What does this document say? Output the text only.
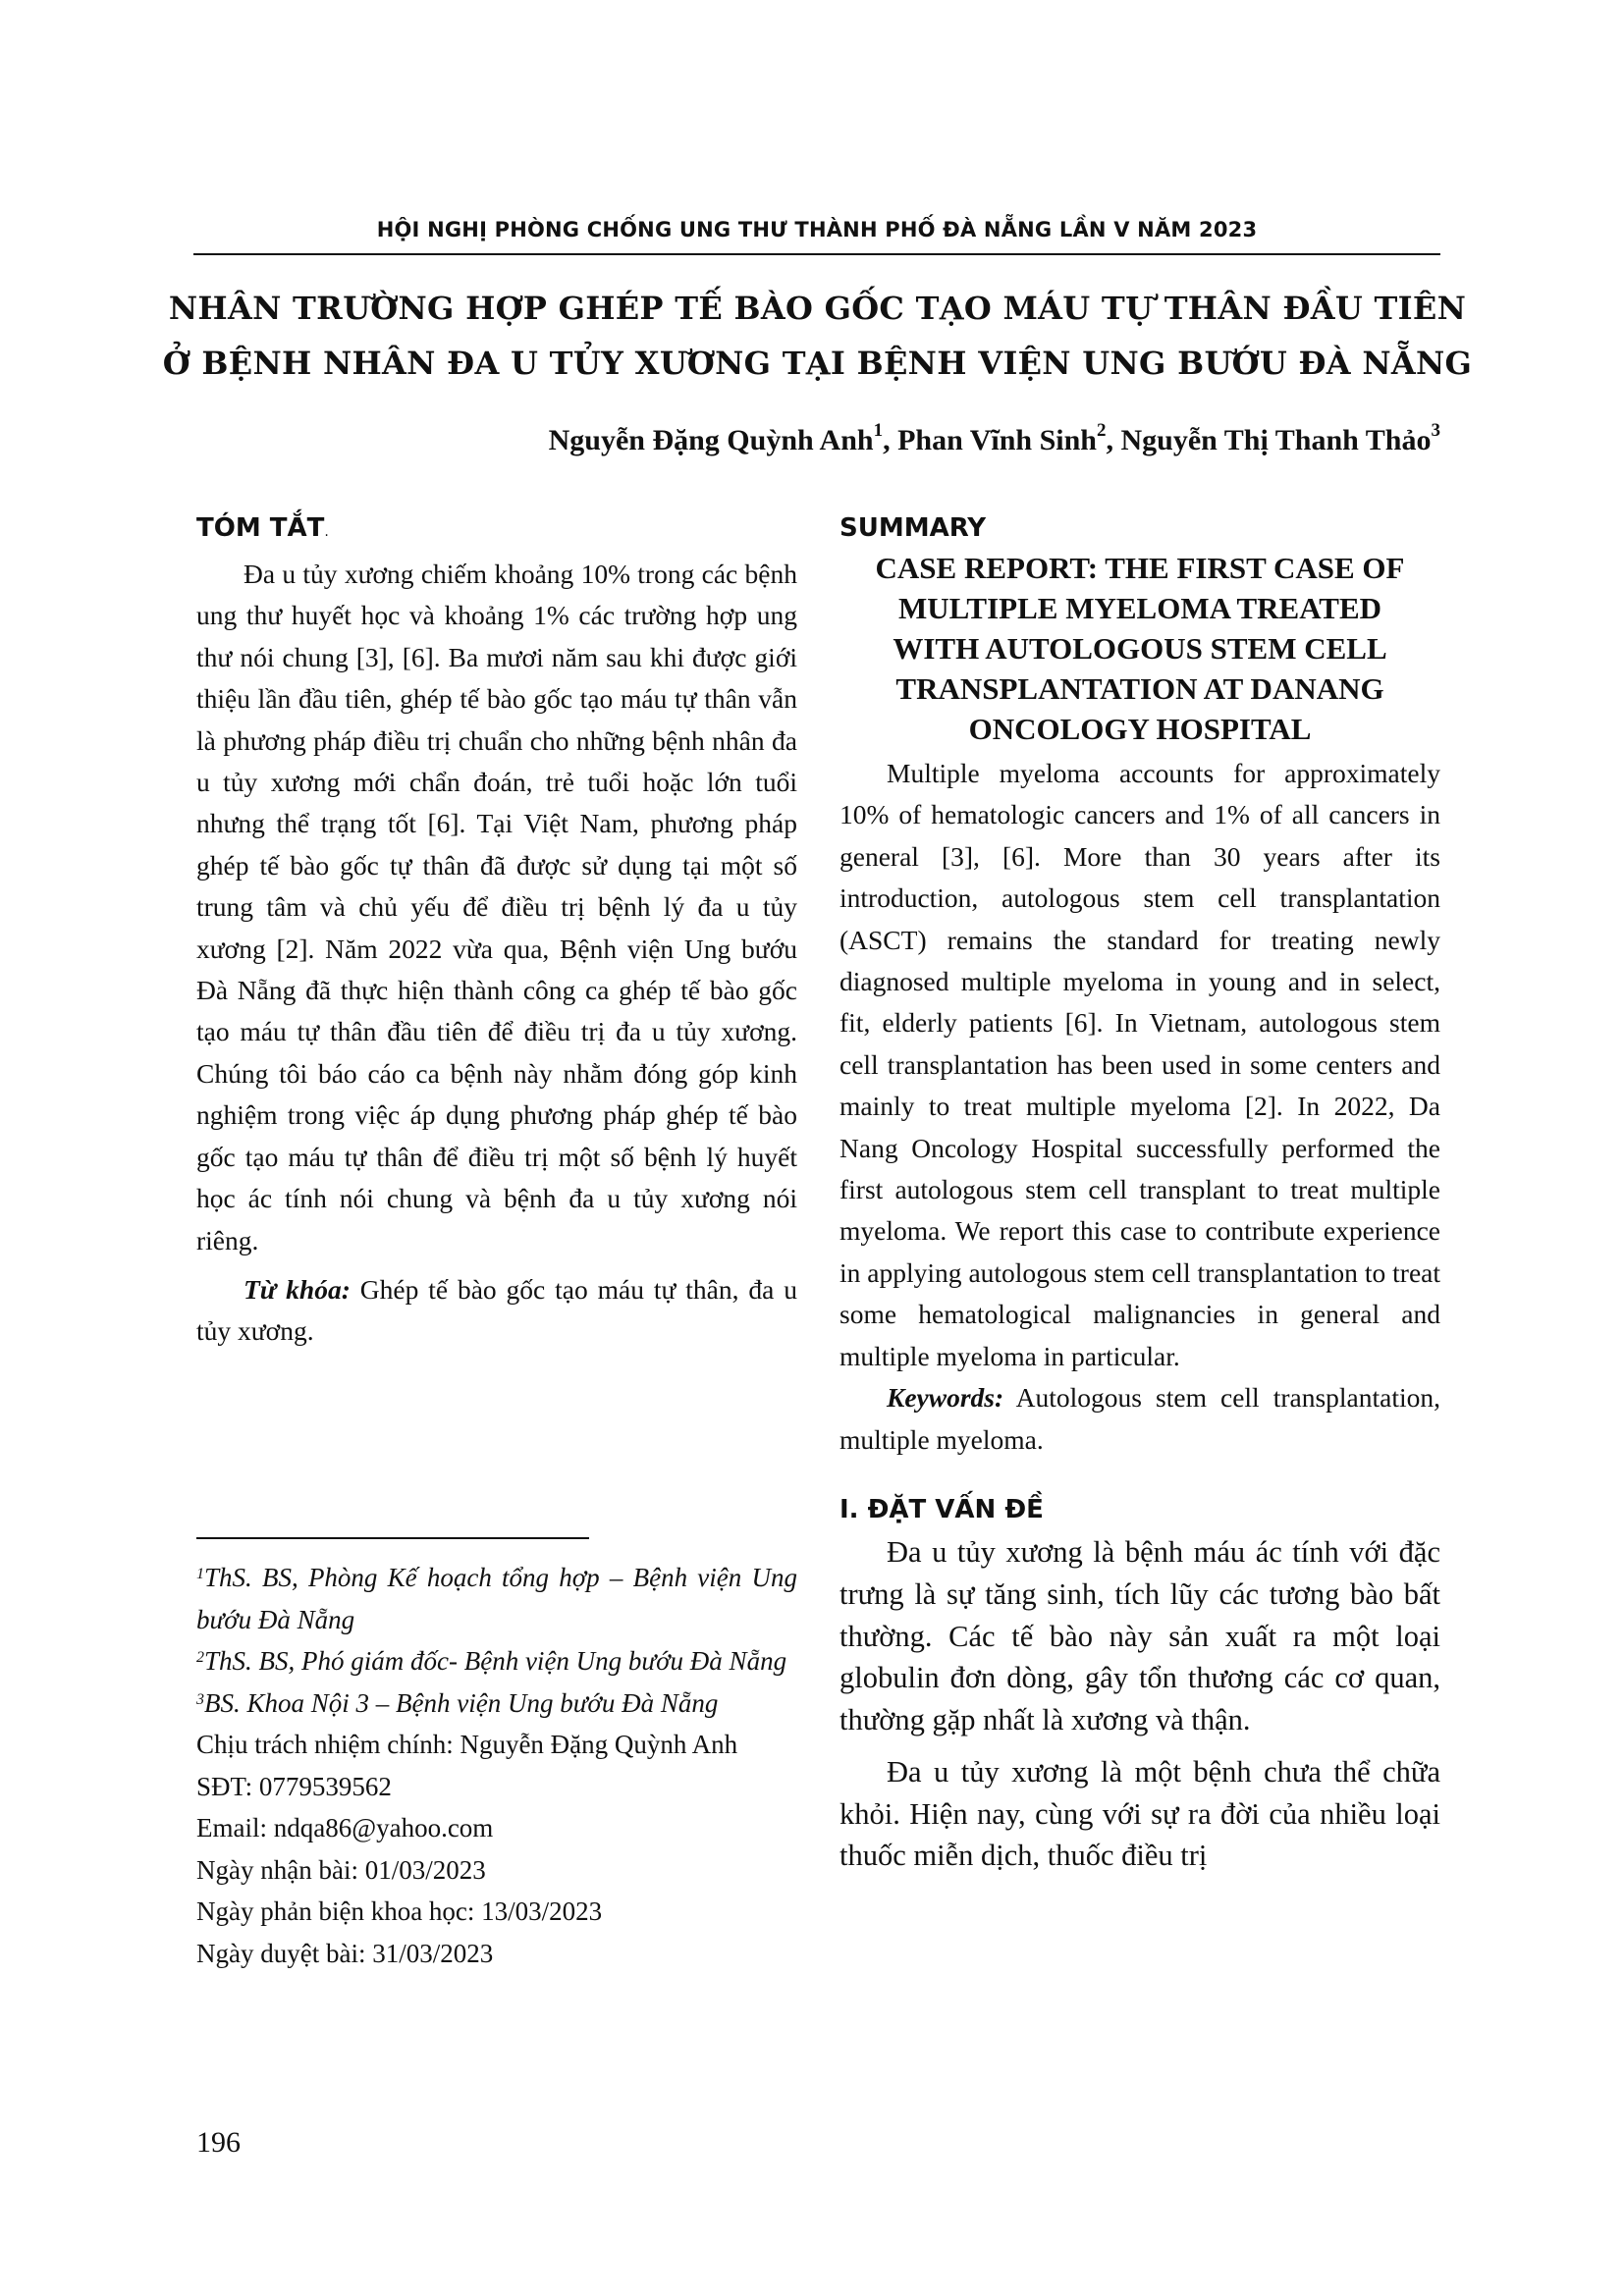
HỘI NGHỊ PHÒNG CHỐNG UNG THƯ THÀNH PHỐ ĐÀ NẴNG LẦN V NĂM 2023
NHÂN TRƯỜNG HỢP GHÉP TẾ BÀO GỐC TẠO MÁU TỰ THÂN ĐẦU TIÊN
Ở BỆNH NHÂN ĐA U TỦY XƯƠNG TẠI BỆNH VIỆN UNG BƯỚU ĐÀ NẴNG
Nguyễn Đặng Quỳnh Anh$^1$, Phan Vĩnh Sinh$^2$, Nguyễn Thị Thanh Thảo$^3$
TÓM TẮT.

Đa u tủy xương chiếm khoảng 10% trong các bệnh ung thư huyết học và khoảng 1% các trường hợp ung thư nói chung [3], [6]. Ba mươi năm sau khi được giới thiệu lần đầu tiên, ghép tế bào gốc tạo máu tự thân vẫn là phương pháp điều trị chuẩn cho những bệnh nhân đa u tủy xương mới chẩn đoán, trẻ tuổi hoặc lớn tuổi nhưng thể trạng tốt [6]. Tại Việt Nam, phương pháp ghép tế bào gốc tự thân đã được sử dụng tại một số trung tâm và chủ yếu để điều trị bệnh lý đa u tủy xương [2]. Năm 2022 vừa qua, Bệnh viện Ung bướu Đà Nẵng đã thực hiện thành công ca ghép tế bào gốc tạo máu tự thân đầu tiên để điều trị đa u tủy xương. Chúng tôi báo cáo ca bệnh này nhằm đóng góp kinh nghiệm trong việc áp dụng phương pháp ghép tế bào gốc tạo máu tự thân để điều trị một số bệnh lý huyết học ác tính nói chung và bệnh đa u tủy xương nói riêng.

Từ khóa: Ghép tế bào gốc tạo máu tự thân, đa u tủy xương.

SUMMARY
CASE REPORT: THE FIRST CASE OF
MULTIPLE MYELOMA TREATED
WITH AUTOLOGOUS STEM CELL
TRANSPLANTATION AT DANANG
ONCOLOGY HOSPITAL

Multiple myeloma accounts for approximately 10% of hematologic cancers and 1% of all cancers in general [3], [6]. More than 30 years after its introduction, autologous stem cell transplantation (ASCT) remains the standard for treating newly diagnosed multiple myeloma in young and in select, fit, elderly patients [6]. In Vietnam, autologous stem cell transplantation has been used in some centers and mainly to treat multiple myeloma [2]. In 2022, Da Nang Oncology Hospital successfully performed the first autologous stem cell transplant to treat multiple myeloma. We report this case to contribute experience in applying autologous stem cell transplantation to treat some hematological malignancies in general and multiple myeloma in particular.

Keywords: Autologous stem cell transplantation, multiple myeloma.

I. ĐẶT VẤN ĐỀ

Đa u tủy xương là bệnh máu ác tính với đặc trưng là sự tăng sinh, tích lũy các tương bào bất thường. Các tế bào này sản xuất ra một loại globulin đơn dòng, gây tổn thương các cơ quan, thường gặp nhất là xương và thận.

Đa u tủy xương là một bệnh chưa thể chữa khỏi. Hiện nay, cùng với sự ra đời của nhiều loại thuốc miễn dịch, thuốc điều trị

$^1$ThS. BS, Phòng Kế hoạch tổng hợp – Bệnh viện Ung bướu Đà Nẵng
$^2$ThS. BS, Phó giám đốc- Bệnh viện Ung bướu Đà Nẵng
$^3$BS. Khoa Nội 3 – Bệnh viện Ung bướu Đà Nẵng
Chịu trách nhiệm chính: Nguyễn Đặng Quỳnh Anh
SĐT: 0779539562
Email: ndqa86@yahoo.com
Ngày nhận bài: 01/03/2023
Ngày phản biện khoa học: 13/03/2023
Ngày duyệt bài: 31/03/2023
196
